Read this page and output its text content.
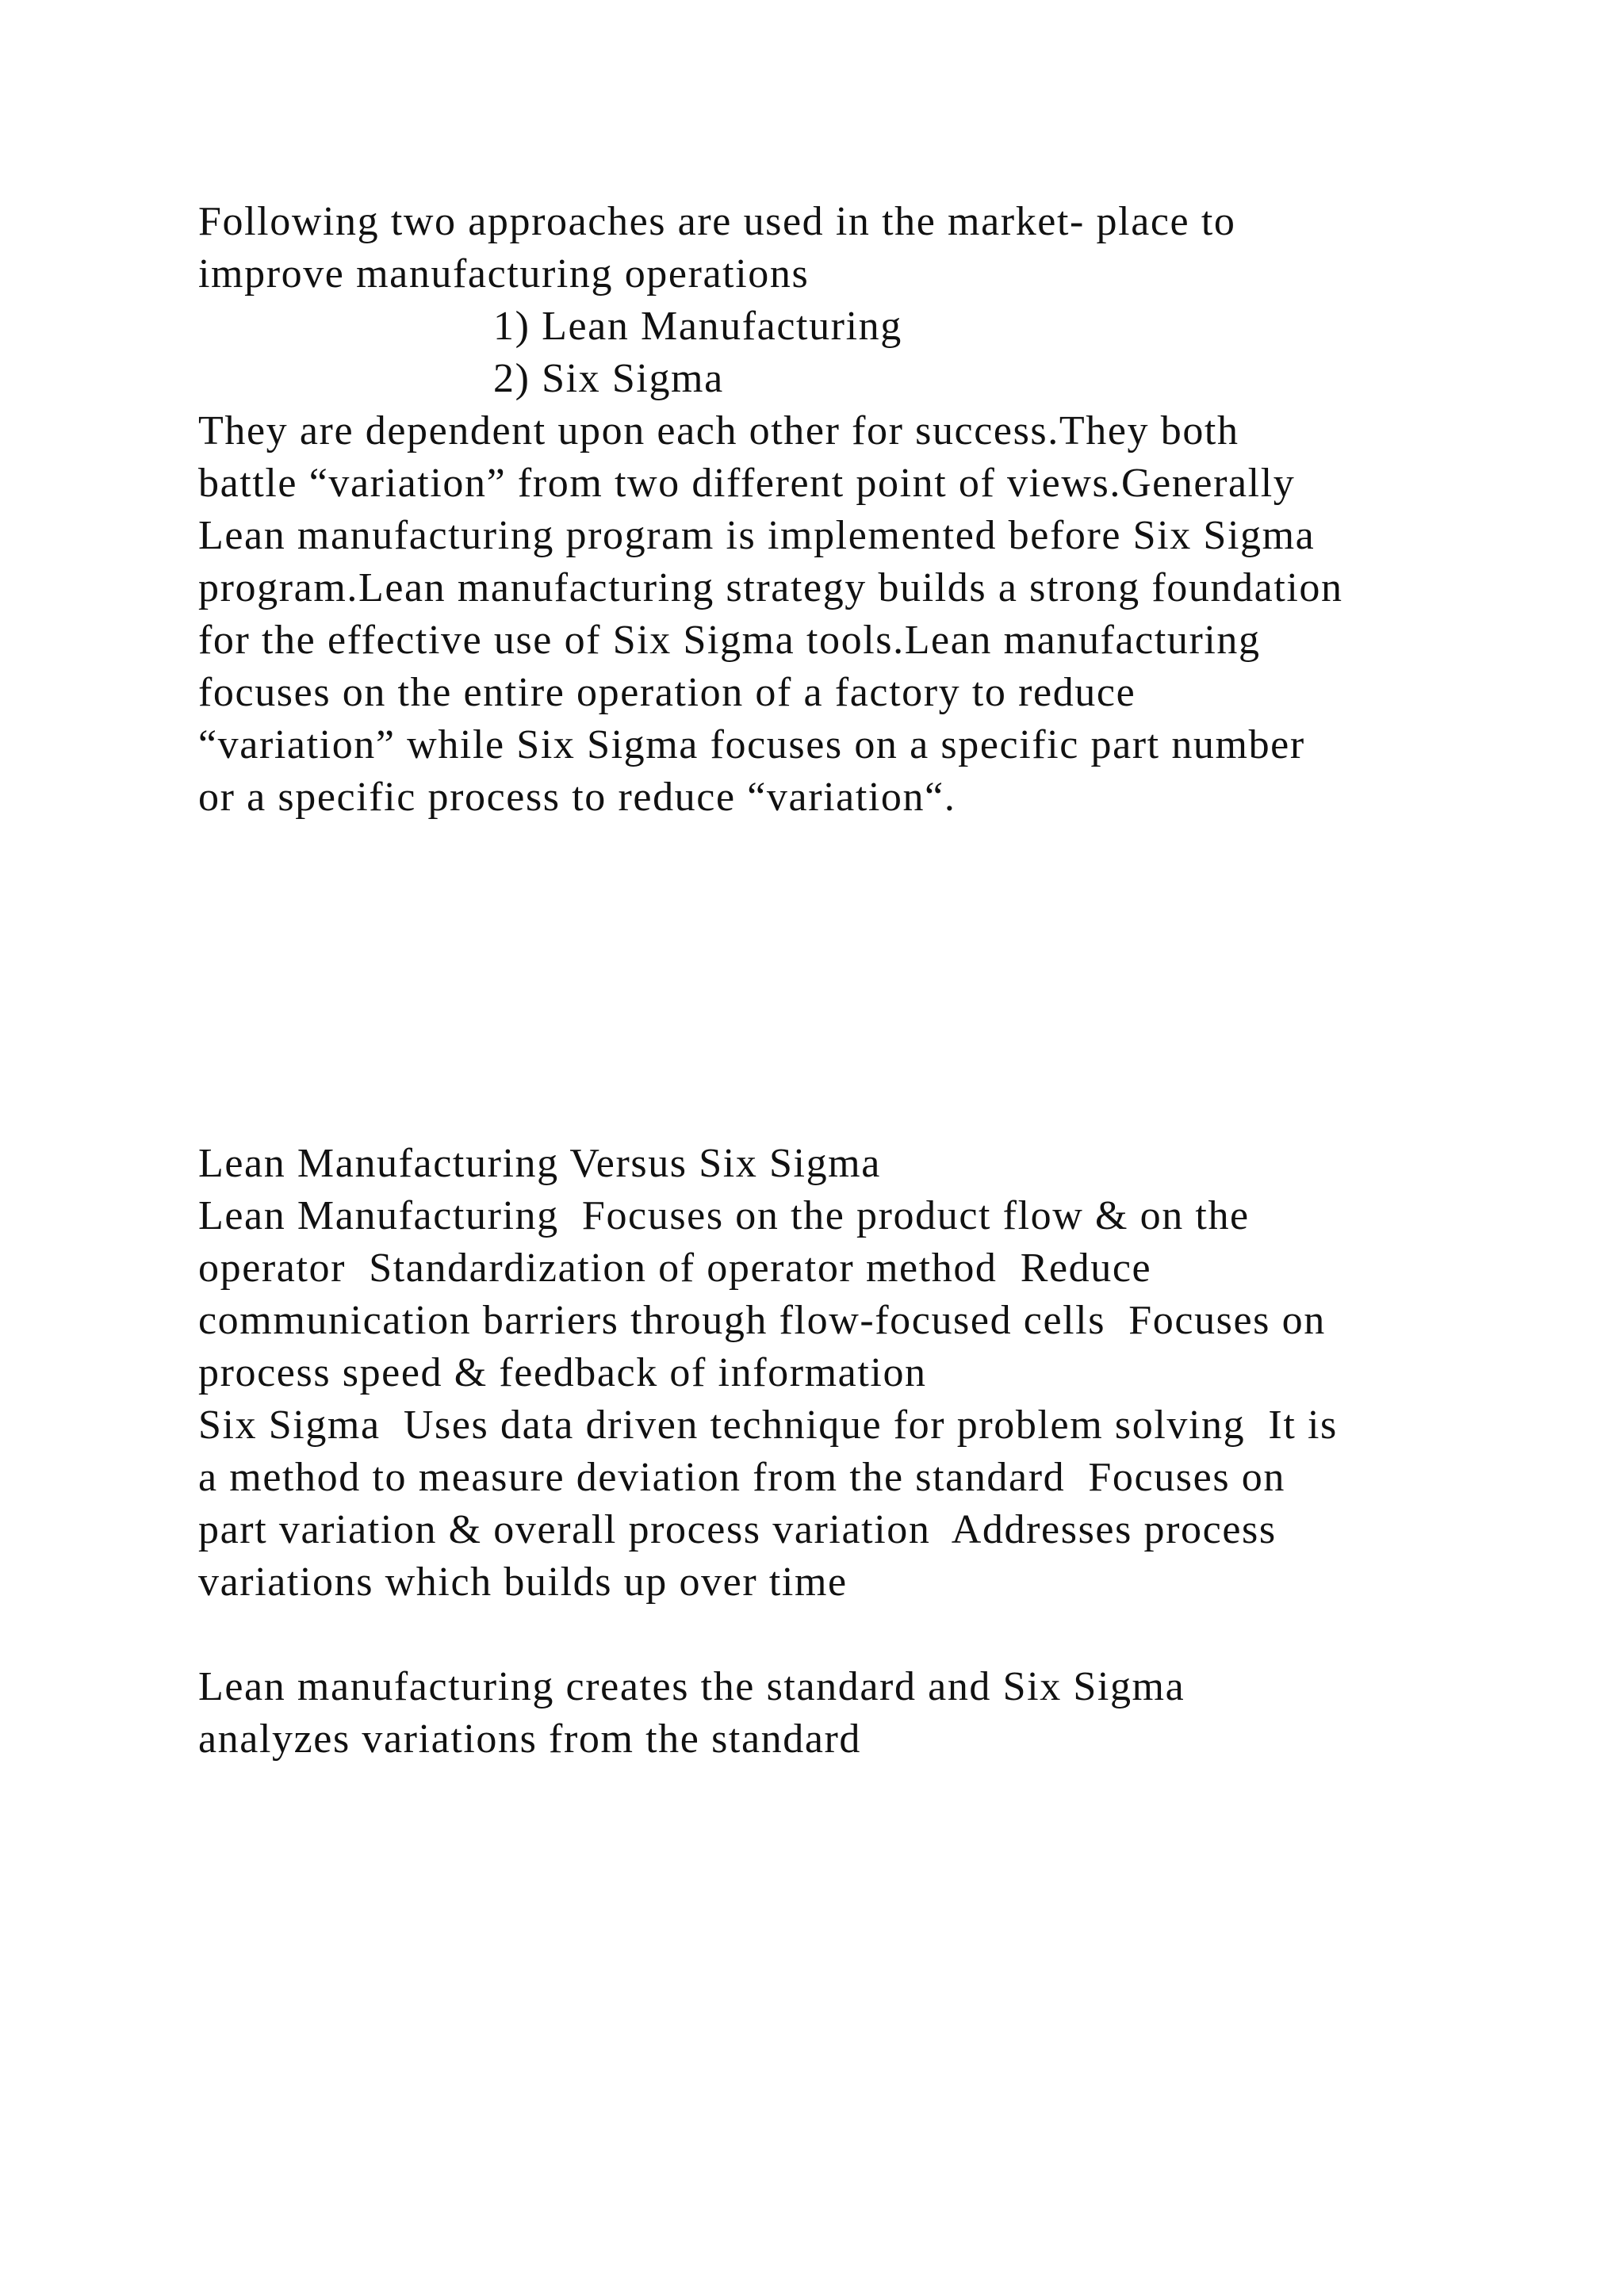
Following two approaches are used in the market- place to

improve manufacturing operations

1) Lean Manufacturing

2) Six Sigma

They are dependent upon each other for success.They both

battle “variation” from two different point of views.Generally

Lean manufacturing program is implemented before Six Sigma

program.Lean manufacturing strategy builds a strong foundation

for the effective use of Six Sigma tools.Lean manufacturing

focuses on the entire operation of a factory to reduce

“variation” while Six Sigma focuses on a specific part number

or a specific process to reduce “variation“.

Lean Manufacturing Versus Six Sigma

Lean Manufacturing  Focuses on the product flow & on the

operator  Standardization of operator method  Reduce

communication barriers through flow-focused cells  Focuses on

process speed & feedback of information

Six Sigma  Uses data driven technique for problem solving  It is

a method to measure deviation from the standard  Focuses on

part variation & overall process variation  Addresses process

variations which builds up over time

Lean manufacturing creates the standard and Six Sigma

analyzes variations from the standard
